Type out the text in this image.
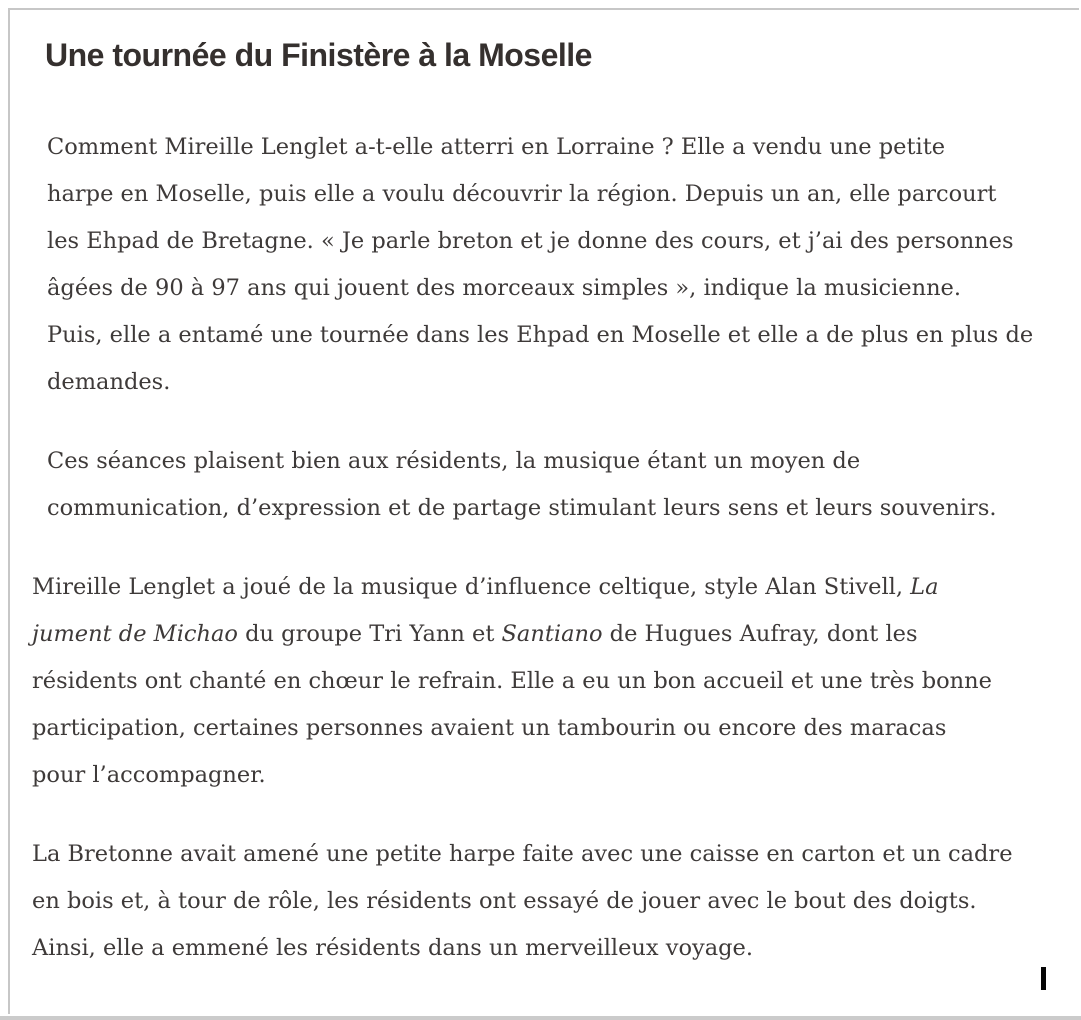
Une tournée du Finistère à la Moselle

Comment Mireille Lenglet a-t-elle atterri en Lorraine ? Elle a vendu une petite
harpe en Moselle, puis elle a voulu découvrir la région. Depuis un an, elle parcourt
les Ehpad de Bretagne. « Je parle breton et je donne des cours, et j’ai des personnes
âgées de 90 à 97 ans qui jouent des morceaux simples », indique la musicienne.
Puis, elle a entamé une tournée dans les Ehpad en Moselle et elle a de plus en plus de
demandes.

Ces séances plaisent bien aux résidents, la musique étant un moyen de
communication, d’expression et de partage stimulant leurs sens et leurs souvenirs.

Mireille Lenglet a joué de la musique d’influence celtique, style Alan Stivell, La
jument de Michao du groupe Tri Yann et Santiano de Hugues Aufray, dont les
résidents ont chanté en chœur le refrain. Elle a eu un bon accueil et une très bonne
participation, certaines personnes avaient un tambourin ou encore des maracas
pour l’accompagner.

La Bretonne avait amené une petite harpe faite avec une caisse en carton et un cadre
en bois et, à tour de rôle, les résidents ont essayé de jouer avec le bout des doigts.
Ainsi, elle a emmené les résidents dans un merveilleux voyage.
